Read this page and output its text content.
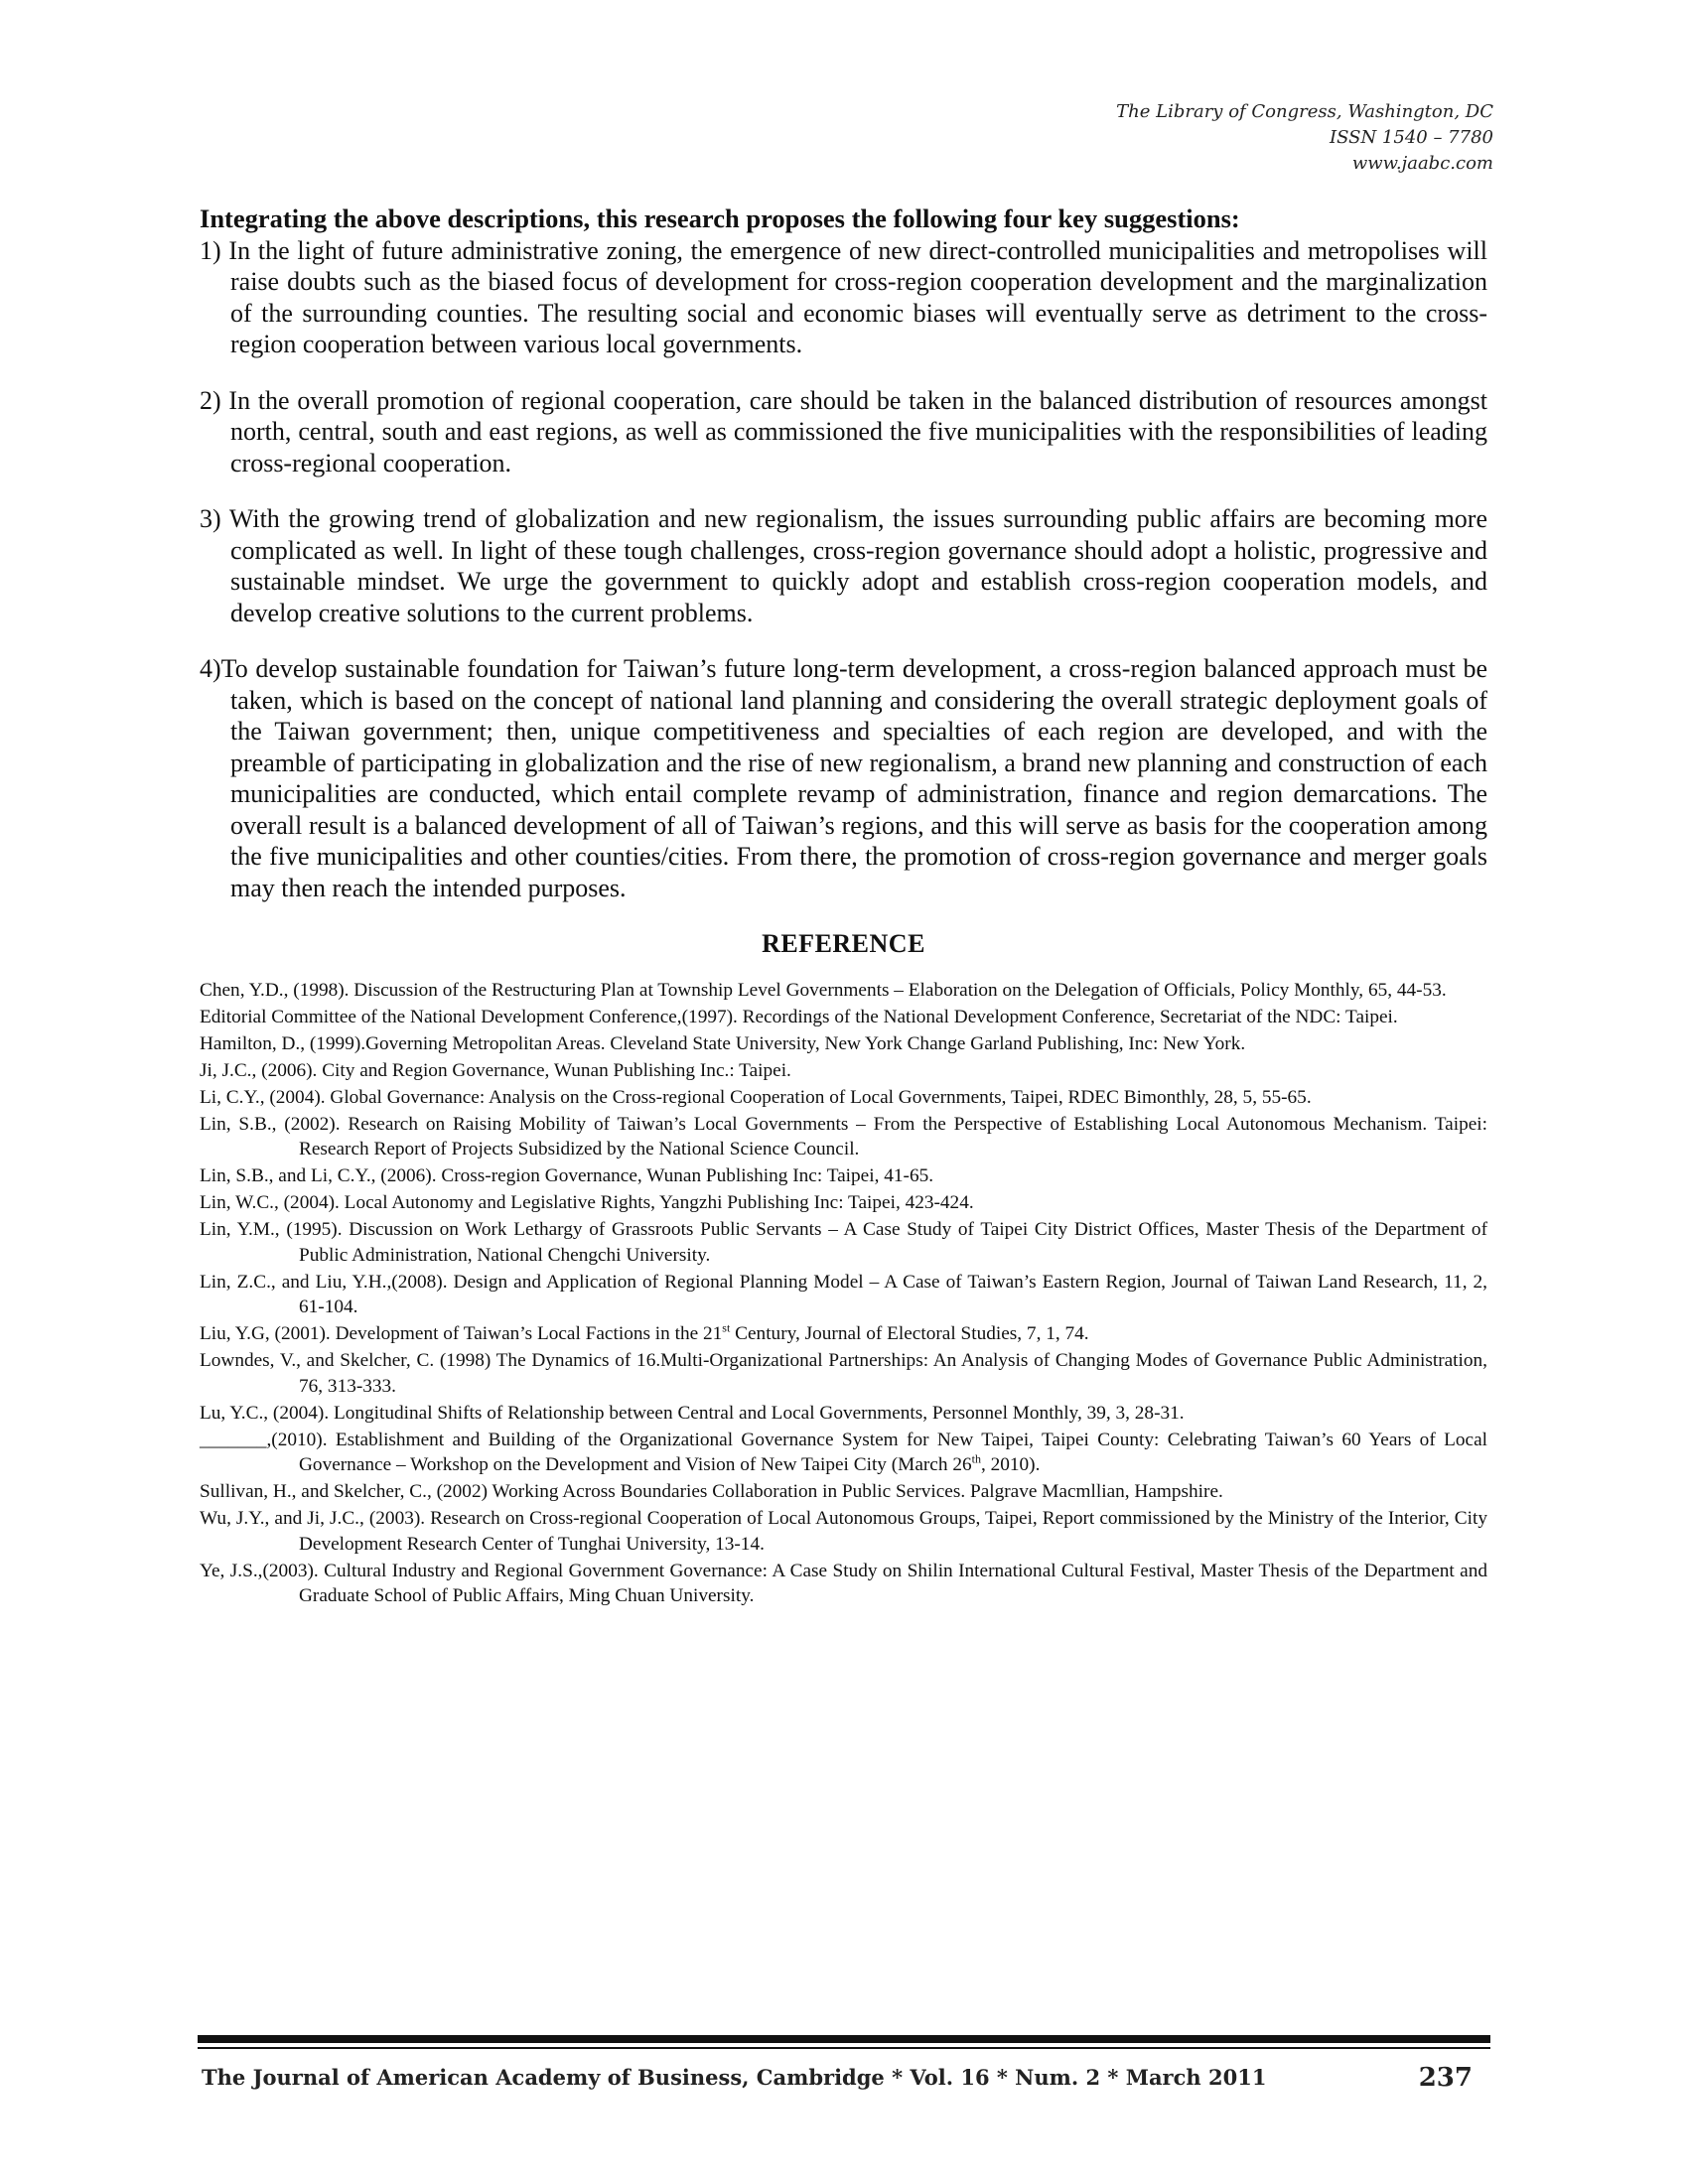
The Library of Congress, Washington, DC
ISSN 1540 – 7780
www.jaabc.com

Integrating the above descriptions, this research proposes the following four key suggestions:

1) In the light of future administrative zoning, the emergence of new direct-controlled municipalities and metropolises will raise doubts such as the biased focus of development for cross-region cooperation development and the marginalization of the surrounding counties. The resulting social and economic biases will eventually serve as detriment to the cross-region cooperation between various local governments.

2) In the overall promotion of regional cooperation, care should be taken in the balanced distribution of resources amongst north, central, south and east regions, as well as commissioned the five municipalities with the responsibilities of leading cross-regional cooperation.

3) With the growing trend of globalization and new regionalism, the issues surrounding public affairs are becoming more complicated as well. In light of these tough challenges, cross-region governance should adopt a holistic, progressive and sustainable mindset. We urge the government to quickly adopt and establish cross-region cooperation models, and develop creative solutions to the current problems.

4)To develop sustainable foundation for Taiwan’s future long-term development, a cross-region balanced approach must be taken, which is based on the concept of national land planning and considering the overall strategic deployment goals of the Taiwan government; then, unique competitiveness and specialties of each region are developed, and with the preamble of participating in globalization and the rise of new regionalism, a brand new planning and construction of each municipalities are conducted, which entail complete revamp of administration, finance and region demarcations. The overall result is a balanced development of all of Taiwan’s regions, and this will serve as basis for the cooperation among the five municipalities and other counties/cities. From there, the promotion of cross-region governance and merger goals may then reach the intended purposes.

REFERENCE

Chen, Y.D., (1998). Discussion of the Restructuring Plan at Township Level Governments – Elaboration on the Delegation of Officials, Policy Monthly, 65, 44-53.

Editorial Committee of the National Development Conference,(1997). Recordings of the National Development Conference, Secretariat of the NDC: Taipei.

Hamilton, D., (1999).Governing Metropolitan Areas. Cleveland State University, New York Change Garland Publishing, Inc: New York.

Ji, J.C., (2006). City and Region Governance, Wunan Publishing Inc.: Taipei.

Li, C.Y., (2004). Global Governance: Analysis on the Cross-regional Cooperation of Local Governments, Taipei, RDEC Bimonthly, 28, 5, 55-65.

Lin, S.B., (2002). Research on Raising Mobility of Taiwan’s Local Governments – From the Perspective of Establishing Local Autonomous Mechanism. Taipei: Research Report of Projects Subsidized by the National Science Council.

Lin, S.B., and Li, C.Y., (2006). Cross-region Governance, Wunan Publishing Inc: Taipei, 41-65.

Lin, W.C., (2004). Local Autonomy and Legislative Rights, Yangzhi Publishing Inc: Taipei, 423-424.

Lin, Y.M., (1995). Discussion on Work Lethargy of Grassroots Public Servants – A Case Study of Taipei City District Offices, Master Thesis of the Department of Public Administration, National Chengchi University.

Lin, Z.C., and Liu, Y.H.,(2008). Design and Application of Regional Planning Model – A Case of Taiwan’s Eastern Region, Journal of Taiwan Land Research, 11, 2, 61-104.

Liu, Y.G, (2001). Development of Taiwan’s Local Factions in the 21st Century, Journal of Electoral Studies, 7, 1, 74.

Lowndes, V., and Skelcher, C. (1998) The Dynamics of 16.Multi-Organizational Partnerships: An Analysis of Changing Modes of Governance Public Administration, 76, 313-333.

Lu, Y.C., (2004). Longitudinal Shifts of Relationship between Central and Local Governments, Personnel Monthly, 39, 3, 28-31.

_______,(2010). Establishment and Building of the Organizational Governance System for New Taipei, Taipei County: Celebrating Taiwan’s 60 Years of Local Governance – Workshop on the Development and Vision of New Taipei City (March 26th, 2010).

Sullivan, H., and Skelcher, C., (2002) Working Across Boundaries Collaboration in Public Services. Palgrave Macmllian, Hampshire.

Wu, J.Y., and Ji, J.C., (2003). Research on Cross-regional Cooperation of Local Autonomous Groups, Taipei, Report commissioned by the Ministry of the Interior, City Development Research Center of Tunghai University, 13-14.

Ye, J.S.,(2003). Cultural Industry and Regional Government Governance: A Case Study on Shilin International Cultural Festival, Master Thesis of the Department and Graduate School of Public Affairs, Ming Chuan University.

The Journal of American Academy of Business, Cambridge * Vol. 16 * Num. 2 * March 2011	237
